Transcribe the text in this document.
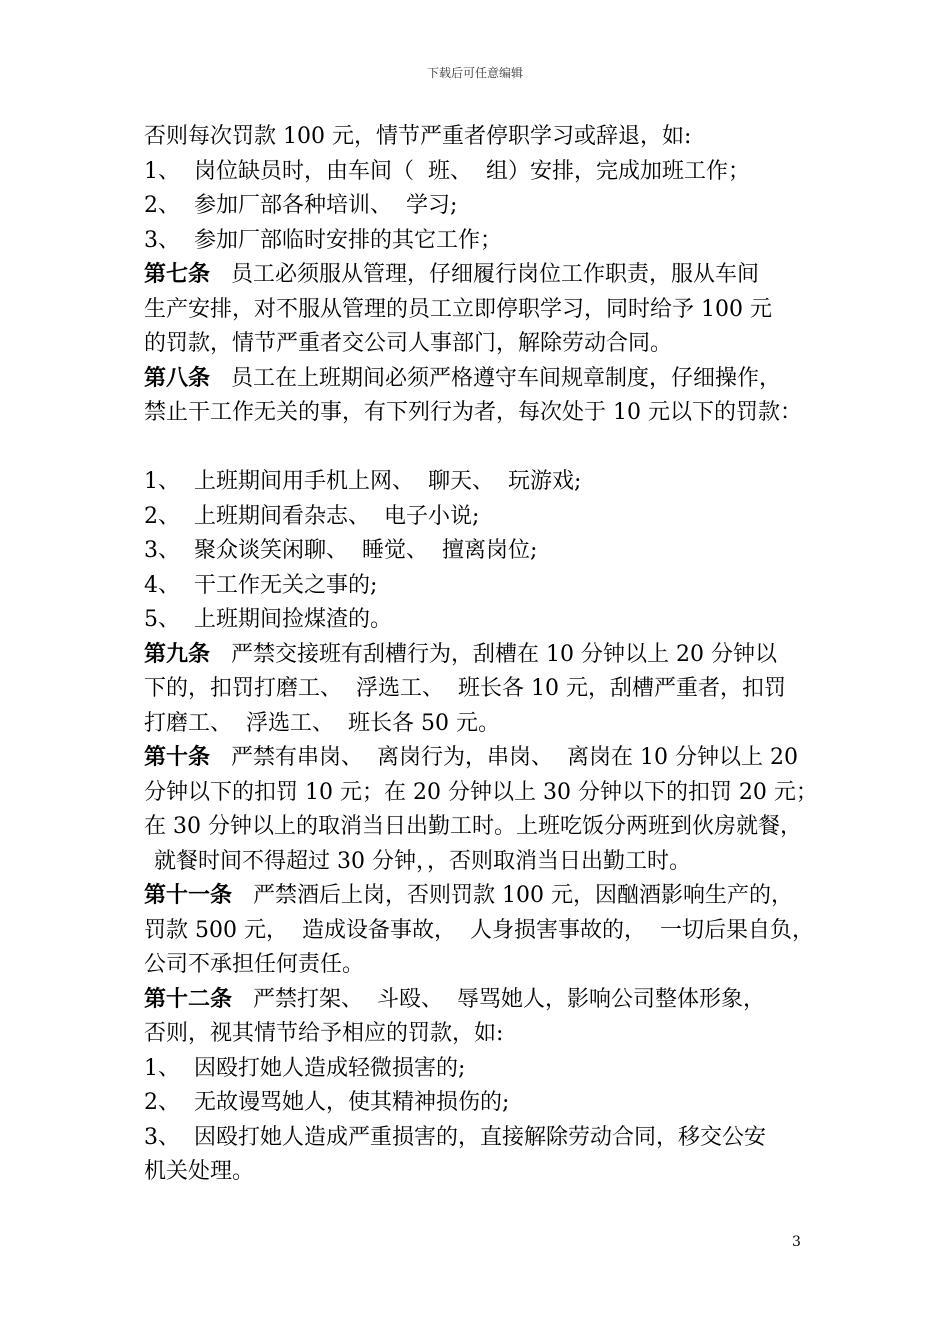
下载后可任意编辑
否则每次罚款 100 元，情节严重者停职学习或辞退，如:
1、  岗位缺员时，由车间（  班、  组）安排，完成加班工作；
2、  参加厂部各种培训、  学习;
3、  参加厂部临时安排的其它工作；
第七条 员工必须服从管理，仔细履行岗位工作职责，服从车间
生产安排，对不服从管理的员工立即停职学习，同时给予 100 元
的罚款，情节严重者交公司人事部门，解除劳动合同。
第八条 员工在上班期间必须严格遵守车间规章制度，仔细操作，
禁止干工作无关的事，有下列行为者，每次处于 10 元以下的罚款：
1、  上班期间用手机上网、  聊天、  玩游戏;
2、  上班期间看杂志、  电子小说;
3、  聚众谈笑闲聊、  睡觉、  擅离岗位;
4、  干工作无关之事的;
5、  上班期间捡煤渣的。
第九条 严禁交接班有刮槽行为，刮槽在 10 分钟以上 20 分钟以
下的，扣罚打磨工、  浮选工、  班长各 10 元，刮槽严重者，扣罚
打磨工、  浮选工、  班长各 50 元。
第十条 严禁有串岗、  离岗行为，串岗、  离岗在 10 分钟以上 20
分钟以下的扣罚 10 元；在 20 分钟以上 30 分钟以下的扣罚 20 元；
在 30 分钟以上的取消当日出勤工时。上班吃饭分两班到伙房就餐，
就餐时间不得超过 30 分钟，，否则取消当日出勤工时。
第十一条 严禁酒后上岗，否则罚款 100 元，因酗酒影响生产的，
罚款 500 元，  造成设备事故，  人身损害事故的，  一切后果自负，
公司不承担任何责任。
第十二条 严禁打架、  斗殴、  辱骂她人，影响公司整体形象，
否则，视其情节给予相应的罚款，如:
1、  因殴打她人造成轻微损害的;
2、  无故谩骂她人，使其精神损伤的;
3、  因殴打她人造成严重损害的，直接解除劳动合同，移交公安
机关处理。
3
